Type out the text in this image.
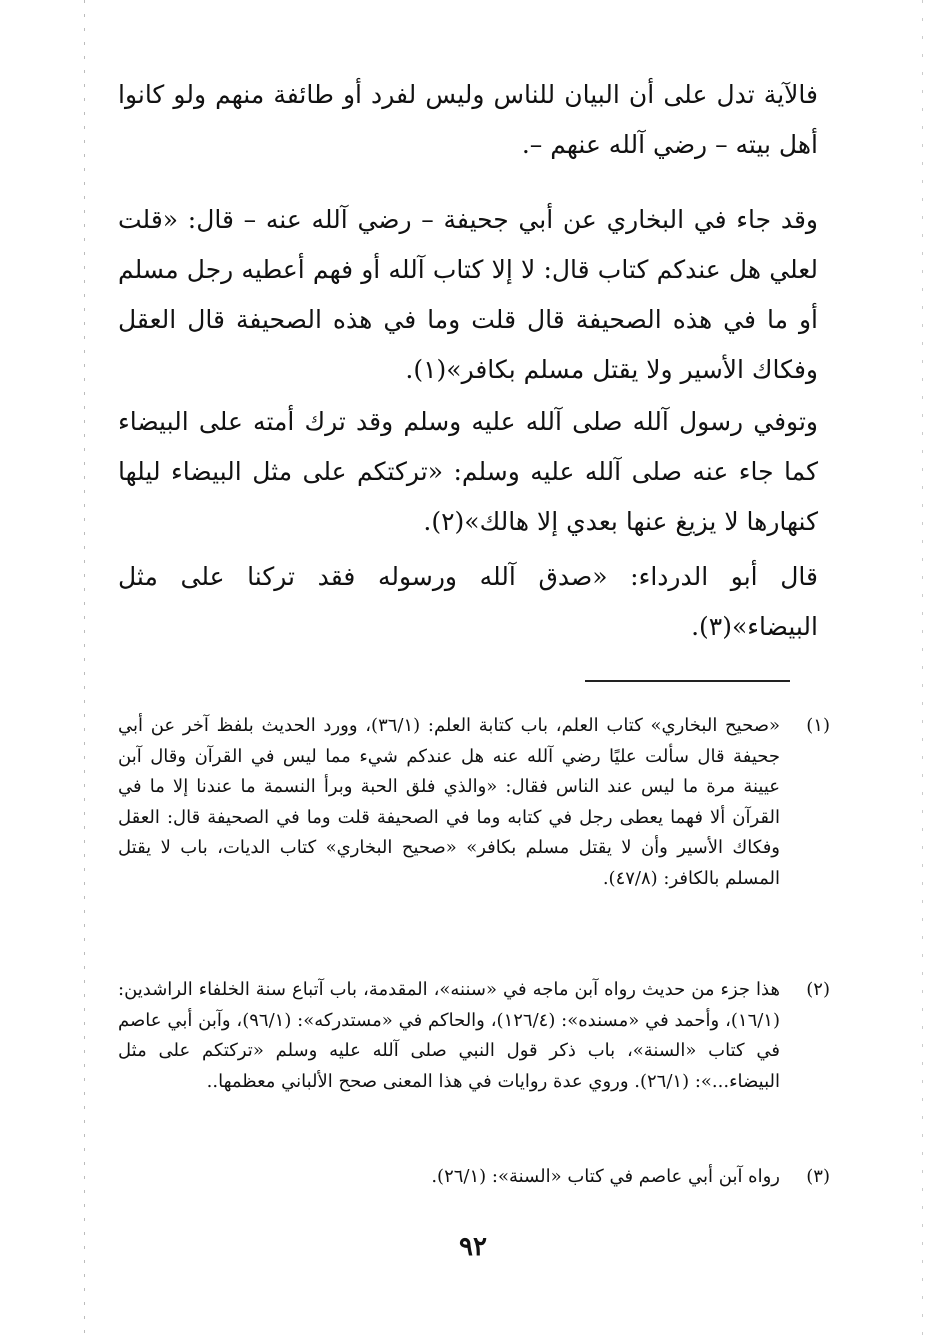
فالآية تدل على أن البيان للناس وليس لفرد أو طائفة منهم ولو كانوا أهل بيته – رضي آلله عنهم –.

وقد جاء في البخاري عن أبي جحيفة – رضي آلله عنه – قال: «قلت لعلي هل عندكم كتاب قال: لا إلا كتاب آلله أو فهم أعطيه رجل مسلم أو ما في هذه الصحيفة قال قلت وما في هذه الصحيفة قال العقل وفكاك الأسير ولا يقتل مسلم بكافر»(١).

وتوفي رسول آلله صلى آلله عليه وسلم وقد ترك أمته على البيضاء كما جاء عنه صلى آلله عليه وسلم: «تركتكم على مثل البيضاء ليلها كنهارها لا يزيغ عنها بعدي إلا هالك»(٢).

قال أبو الدرداء: «صدق آلله ورسوله فقد تركنا على مثل البيضاء»(٣).

(١)
«صحيح البخاري» كتاب العلم، باب كتابة العلم: (٣٦/١)، وورد الحديث بلفظ آخر عن أبي جحيفة قال سألت عليًا رضي آلله عنه هل عندكم شيء مما ليس في القرآن وقال آبن عيينة مرة ما ليس عند الناس فقال: «والذي فلق الحبة وبرأ النسمة ما عندنا إلا ما في القرآن ألا فهما يعطى رجل في كتابه وما في الصحيفة قلت وما في الصحيفة قال: العقل وفكاك الأسير وأن لا يقتل مسلم بكافر» «صحيح البخاري» كتاب الديات، باب لا يقتل المسلم بالكافر: (٤٧/٨).
(٢)
هذا جزء من حديث رواه آبن ماجه في «سننه»، المقدمة، باب آتباع سنة الخلفاء الراشدين: (١٦/١)، وأحمد في «مسنده»: (١٢٦/٤)، والحاكم في «مستدركه»: (٩٦/١)، وآبن أبي عاصم في كتاب «السنة»، باب ذكر قول النبي صلى آلله عليه وسلم «تركتكم على مثل البيضاء...»: (٢٦/١). وروي عدة روايات في هذا المعنى صحح الألباني معظمها..
(٣)
رواه آبن أبي عاصم في كتاب «السنة»: (٢٦/١).
٩٢
